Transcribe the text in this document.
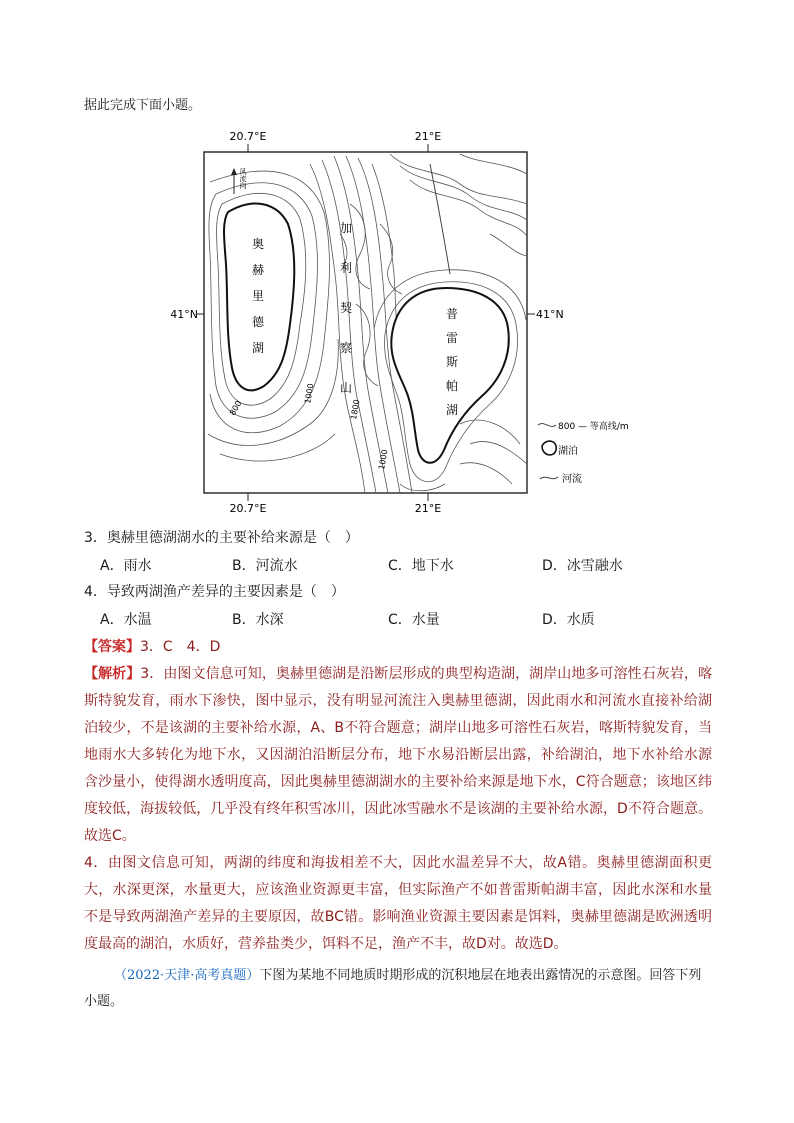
据此完成下面小题。
20.7°E	21°E
20.7°E	21°E
41°N	41°N
风流向
奥
赫
里
德
湖
加
利
契
察
山
普
雷
斯
帕
湖
800
1000
1800
1000
800 — 等高线/m
湖泊
河流
3．奥赫里德湖湖水的主要补给来源是（　）
A．雨水	B．河流水	C．地下水	D．冰雪融水
4．导致两湖渔产差异的主要因素是（　）
A．水温	B．水深	C．水量	D．水质
【答案】3．C　4．D
【解析】3．由图文信息可知，奥赫里德湖是沿断层形成的典型构造湖，湖岸山地多可溶性石灰岩，喀斯特貌发育，雨水下渗快，图中显示，没有明显河流注入奥赫里德湖，因此雨水和河流水直接补给湖泊较少，不是该湖的主要补给水源，A、B不符合题意；湖岸山地多可溶性石灰岩，喀斯特貌发育，当地雨水大多转化为地下水，又因湖泊沿断层分布，地下水易沿断层出露，补给湖泊，地下水补给水源含沙量小，使得湖水透明度高，因此奥赫里德湖湖水的主要补给来源是地下水，C符合题意；该地区纬度较低，海拔较低，几乎没有终年积雪冰川，因此冰雪融水不是该湖的主要补给水源，D不符合题意。故选C。
4．由图文信息可知，两湖的纬度和海拔相差不大，因此水温差异不大，故A错。奥赫里德湖面积更大，水深更深，水量更大，应该渔业资源更丰富，但实际渔产不如普雷斯帕湖丰富，因此水深和水量不是导致两湖渔产差异的主要原因，故BC错。影响渔业资源主要因素是饵料，奥赫里德湖是欧洲透明度最高的湖泊，水质好，营养盐类少，饵料不足，渔产不丰，故D对。故选D。
（2022·天津·高考真题）下图为某地不同地质时期形成的沉积地层在地表出露情况的示意图。回答下列小题。
